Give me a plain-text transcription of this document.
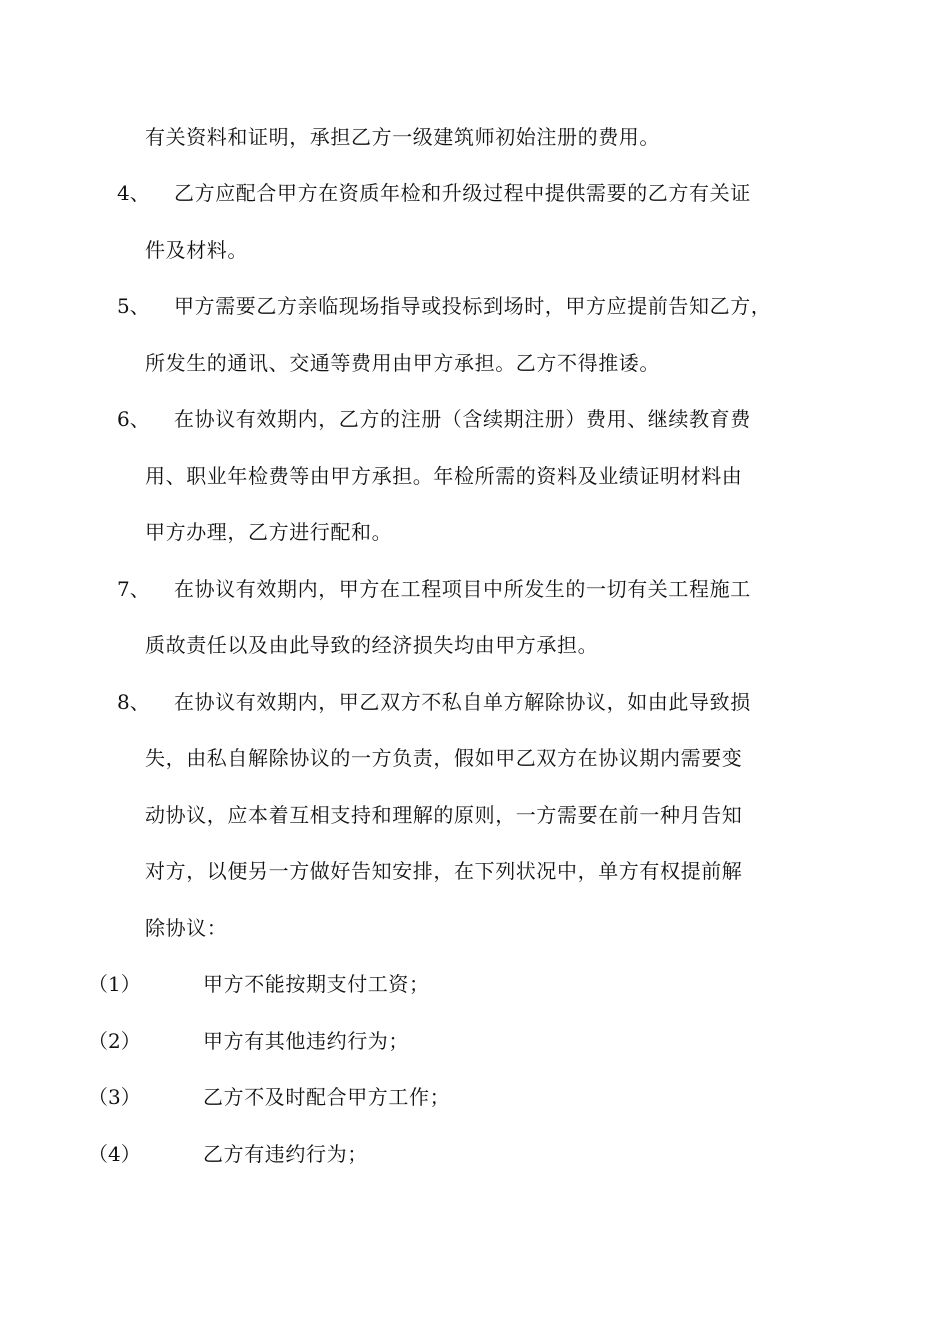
有关资料和证明，承担乙方一级建筑师初始注册的费用。
4、 乙方应配合甲方在资质年检和升级过程中提供需要的乙方有关证
件及材料。
5、 甲方需要乙方亲临现场指导或投标到场时，甲方应提前告知乙方，
所发生的通讯、交通等费用由甲方承担。乙方不得推诿。
6、 在协议有效期内，乙方的注册（含续期注册）费用、继续教育费
用、职业年检费等由甲方承担。年检所需的资料及业绩证明材料由
甲方办理，乙方进行配和。
7、 在协议有效期内，甲方在工程项目中所发生的一切有关工程施工
质故责任以及由此导致的经济损失均由甲方承担。
8、 在协议有效期内，甲乙双方不私自单方解除协议，如由此导致损
失，由私自解除协议的一方负责，假如甲乙双方在协议期内需要变
动协议，应本着互相支持和理解的原则，一方需要在前一种月告知
对方，以便另一方做好告知安排，在下列状况中，单方有权提前解
除协议：
（1）	甲方不能按期支付工资；
（2）	甲方有其他违约行为；
（3）	乙方不及时配合甲方工作；
（4）	乙方有违约行为；
